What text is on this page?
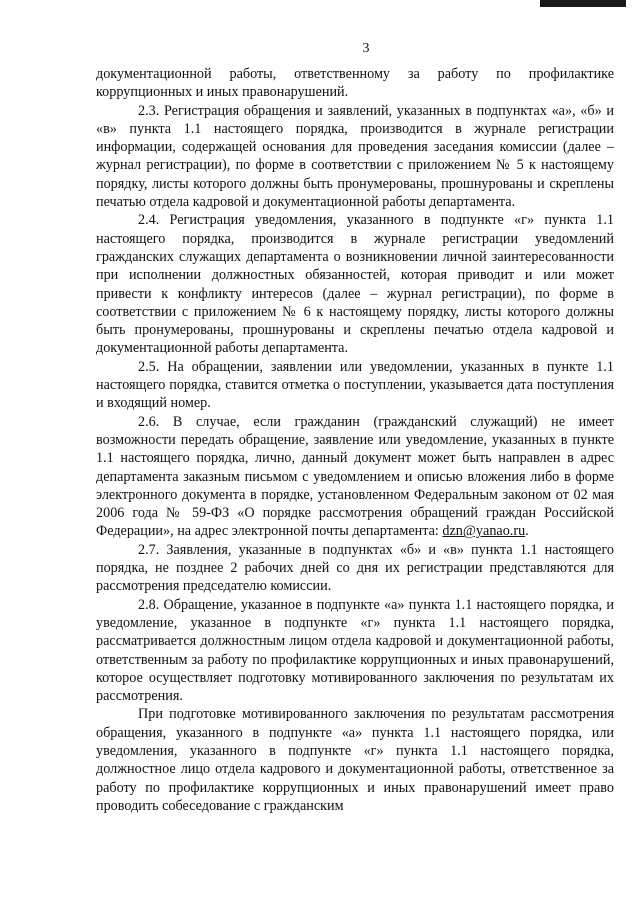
3

документационной работы, ответственному за работу по профилактике коррупционных и иных правонарушений.

2.3. Регистрация обращения и заявлений, указанных в подпунктах «а», «б» и «в» пункта 1.1 настоящего порядка, производится в журнале регистрации информации, содержащей основания для проведения заседания комиссии (далее – журнал регистрации), по форме в соответствии с приложением № 5 к настоящему порядку, листы которого должны быть пронумерованы, прошнурованы и скреплены печатью отдела кадровой и документационной работы департамента.

2.4. Регистрация уведомления, указанного в подпункте «г» пункта 1.1 настоящего порядка, производится в журнале регистрации уведомлений гражданских служащих департамента о возникновении личной заинтересованности при исполнении должностных обязанностей, которая приводит и или может привести к конфликту интересов (далее – журнал регистрации), по форме в соответствии с приложением № 6 к настоящему порядку, листы которого должны быть пронумерованы, прошнурованы и скреплены печатью отдела кадровой и документационной работы департамента.

2.5. На обращении, заявлении или уведомлении, указанных в пункте 1.1 настоящего порядка, ставится отметка о поступлении, указывается дата поступления и входящий номер.

2.6. В случае, если гражданин (гражданский служащий) не имеет возможности передать обращение, заявление или уведомление, указанных в пункте 1.1 настоящего порядка, лично, данный документ может быть направлен в адрес департамента заказным письмом с уведомлением и описью вложения либо в форме электронного документа в порядке, установленном Федеральным законом от 02 мая 2006 года № 59-ФЗ «О порядке рассмотрения обращений граждан Российской Федерации», на адрес электронной почты департамента: dzn@yanao.ru.

2.7. Заявления, указанные в подпунктах «б» и «в» пункта 1.1 настоящего порядка, не позднее 2 рабочих дней со дня их регистрации представляются для рассмотрения председателю комиссии.

2.8. Обращение, указанное в подпункте «а» пункта 1.1 настоящего порядка, и уведомление, указанное в подпункте «г» пункта 1.1 настоящего порядка, рассматривается должностным лицом отдела кадровой и документационной работы, ответственным за работу по профилактике коррупционных и иных правонарушений, которое осуществляет подготовку мотивированного заключения по результатам их рассмотрения.

При подготовке мотивированного заключения по результатам рассмотрения обращения, указанного в подпункте «а» пункта 1.1 настоящего порядка, или уведомления, указанного в подпункте «г» пункта 1.1 настоящего порядка, должностное лицо отдела кадрового и документационной работы, ответственное за работу по профилактике коррупционных и иных правонарушений имеет право проводить собеседование с гражданским
